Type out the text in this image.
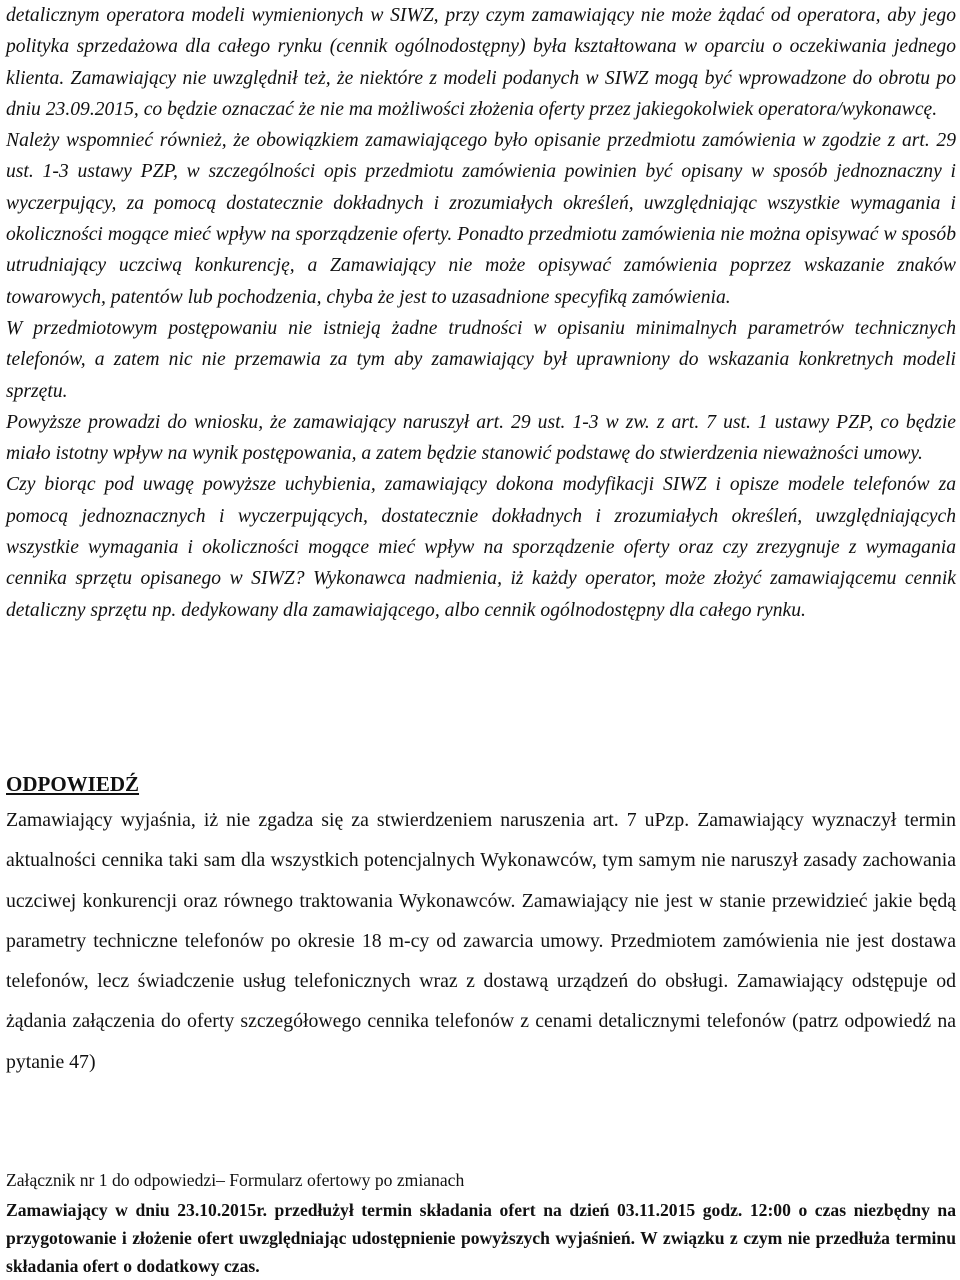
detalicznym operatora modeli wymienionych w SIWZ, przy czym zamawiający nie może żądać od operatora, aby jego polityka sprzedażowa dla całego rynku (cennik ogólnodostępny) była kształtowana w oparciu o oczekiwania jednego klienta. Zamawiający nie uwzględnił też, że niektóre z modeli podanych w SIWZ mogą być wprowadzone do obrotu po dniu 23.09.2015, co będzie oznaczać że nie ma możliwości złożenia oferty przez jakiegokolwiek operatora/wykonawcę.

Należy wspomnieć również, że obowiązkiem zamawiającego było opisanie przedmiotu zamówienia w zgodzie z art. 29 ust. 1-3 ustawy PZP, w szczególności opis przedmiotu zamówienia powinien być opisany w sposób jednoznaczny i wyczerpujący, za pomocą dostatecznie dokładnych i zrozumiałych określeń, uwzględniając wszystkie wymagania i okoliczności mogące mieć wpływ na sporządzenie oferty. Ponadto przedmiotu zamówienia nie można opisywać w sposób utrudniający uczciwą konkurencję, a Zamawiający nie może opisywać zamówienia poprzez wskazanie znaków towarowych, patentów lub pochodzenia, chyba że jest to uzasadnione specyfiką zamówienia.

W przedmiotowym postępowaniu nie istnieją żadne trudności w opisaniu minimalnych parametrów technicznych telefonów, a zatem nic nie przemawia za tym aby zamawiający był uprawniony do wskazania konkretnych modeli sprzętu.

Powyższe prowadzi do wniosku, że zamawiający naruszył art. 29 ust. 1-3 w zw. z art. 7 ust. 1 ustawy PZP, co będzie miało istotny wpływ na wynik postępowania, a zatem będzie stanowić podstawę do stwierdzenia nieważności umowy.

Czy biorąc pod uwagę powyższe uchybienia, zamawiający dokona modyfikacji SIWZ i opisze modele telefonów za pomocą jednoznacznych i wyczerpujących, dostatecznie dokładnych i zrozumiałych określeń, uwzględniających wszystkie wymagania i okoliczności mogące mieć wpływ na sporządzenie oferty oraz czy zrezygnuje z wymagania cennika sprzętu opisanego w SIWZ? Wykonawca nadmienia, iż każdy operator, może złożyć zamawiającemu cennik detaliczny sprzętu np. dedykowany dla zamawiającego, albo cennik ogólnodostępny dla całego rynku.

ODPOWIEDŹ

Zamawiający wyjaśnia, iż nie zgadza się za stwierdzeniem naruszenia art. 7 uPzp. Zamawiający wyznaczył termin aktualności cennika taki sam dla wszystkich potencjalnych Wykonawców, tym samym nie naruszył zasady zachowania uczciwej konkurencji oraz równego traktowania Wykonawców. Zamawiający nie jest w stanie przewidzieć jakie będą parametry techniczne telefonów po okresie 18 m-cy od zawarcia umowy. Przedmiotem zamówienia nie jest dostawa telefonów, lecz świadczenie usług telefonicznych wraz z dostawą urządzeń do obsługi. Zamawiający odstępuje od żądania załączenia do oferty szczegółowego cennika telefonów z cenami detalicznymi telefonów (patrz odpowiedź na pytanie 47)

Załącznik nr 1 do odpowiedzi– Formularz ofertowy po zmianach

Zamawiający w dniu 23.10.2015r. przedłużył termin składania ofert na dzień 03.11.2015 godz. 12:00 o czas niezbędny na przygotowanie i złożenie ofert uwzględniając udostępnienie powyższych wyjaśnień. W związku z czym nie przedłuża terminu składania ofert o dodatkowy czas.
